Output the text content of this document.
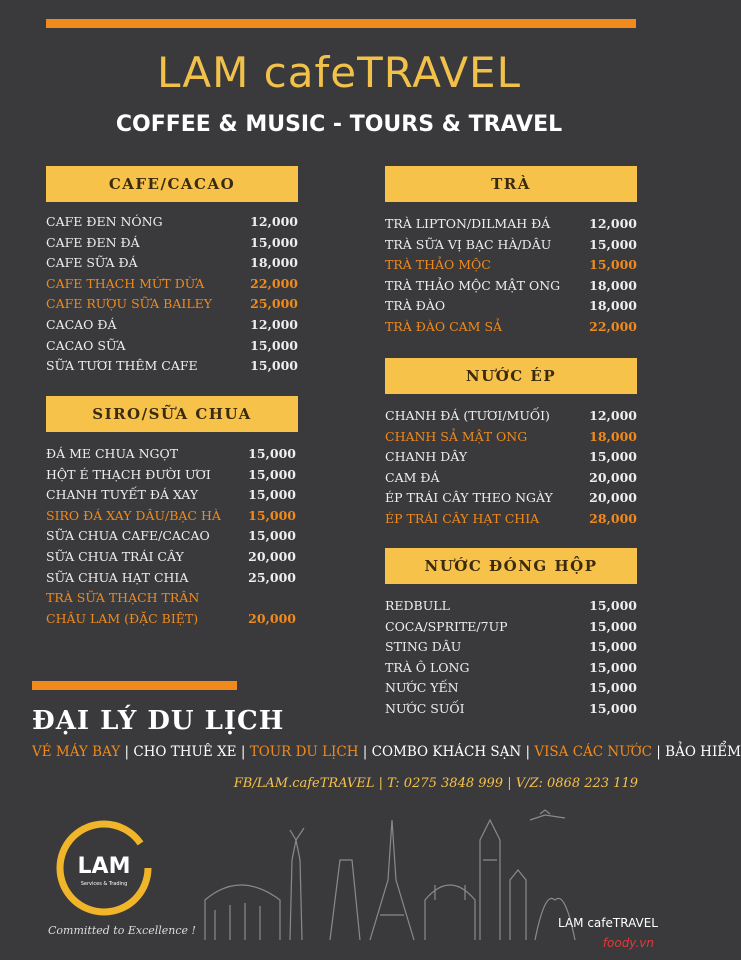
LAM cafeTRAVEL
COFFEE & MUSIC - TOURS & TRAVEL
CAFE/CACAO
CAFE ĐEN NÓNG	12,000
CAFE ĐEN ĐÁ	15,000
CAFE SỮA ĐÁ	18,000
CAFE THẠCH MỨT DỪA	22,000
CAFE RƯỢU SỮA BAILEY	25,000
CACAO ĐÁ	12,000
CACAO SỮA	15,000
SỮA TƯƠI THÊM CAFE	15,000
SIRO/SỮA CHUA
ĐÁ ME CHUA NGỌT	15,000
HỘT É THẠCH ĐƯỜI ƯƠI	15,000
CHANH TUYẾT ĐÁ XAY	15,000
SIRO ĐÁ XAY DÂU/BẠC HÀ 15,000
SỮA CHUA CAFE/CACAO	15,000
SỮA CHUA TRÁI CÂY	20,000
SỮA CHUA HẠT CHIA	25,000
TRÀ SỮA THẠCH TRÂN
CHÂU LAM (ĐẶC BIỆT)	20,000
TRÀ
TRÀ LIPTON/DILMAH ĐÁ	12,000
TRÀ SỮA VỊ BẠC HÀ/DÂU	15,000
TRÀ THẢO MỘC	15,000
TRÀ THẢO MỘC MẬT ONG 18,000
TRÀ ĐÀO	18,000
TRÀ ĐÀO CAM SẢ	22,000
NƯỚC ÉP
CHANH ĐÁ (TƯƠI/MUỐI)	12,000
CHANH SẢ MẬT ONG	18,000
CHANH DÂY	15,000
CAM ĐÁ	20,000
ÉP TRÁI CÂY THEO NGÀY	20,000
ÉP TRÁI CÂY HẠT CHIA	28,000
NƯỚC ĐÓNG HỘP
REDBULL	15,000
COCA/SPRITE/7UP	15,000
STING DÂU	15,000
TRÀ Ô LONG	15,000
NƯỚC YẾN	15,000
NƯỚC SUỐI	15,000
ĐẠI LÝ DU LỊCH
VÉ MÁY BAY | CHO THUÊ XE | TOUR DU LỊCH | COMBO KHÁCH SẠN | VISA CÁC NƯỚC | BẢO HIỂM
FB/LAM.cafeTRAVEL | T: 0275 3848 999 | V/Z: 0868 223 119
LAM
Services & Trading
Committed to Excellence !
LAM cafeTRAVEL
foody.vn
